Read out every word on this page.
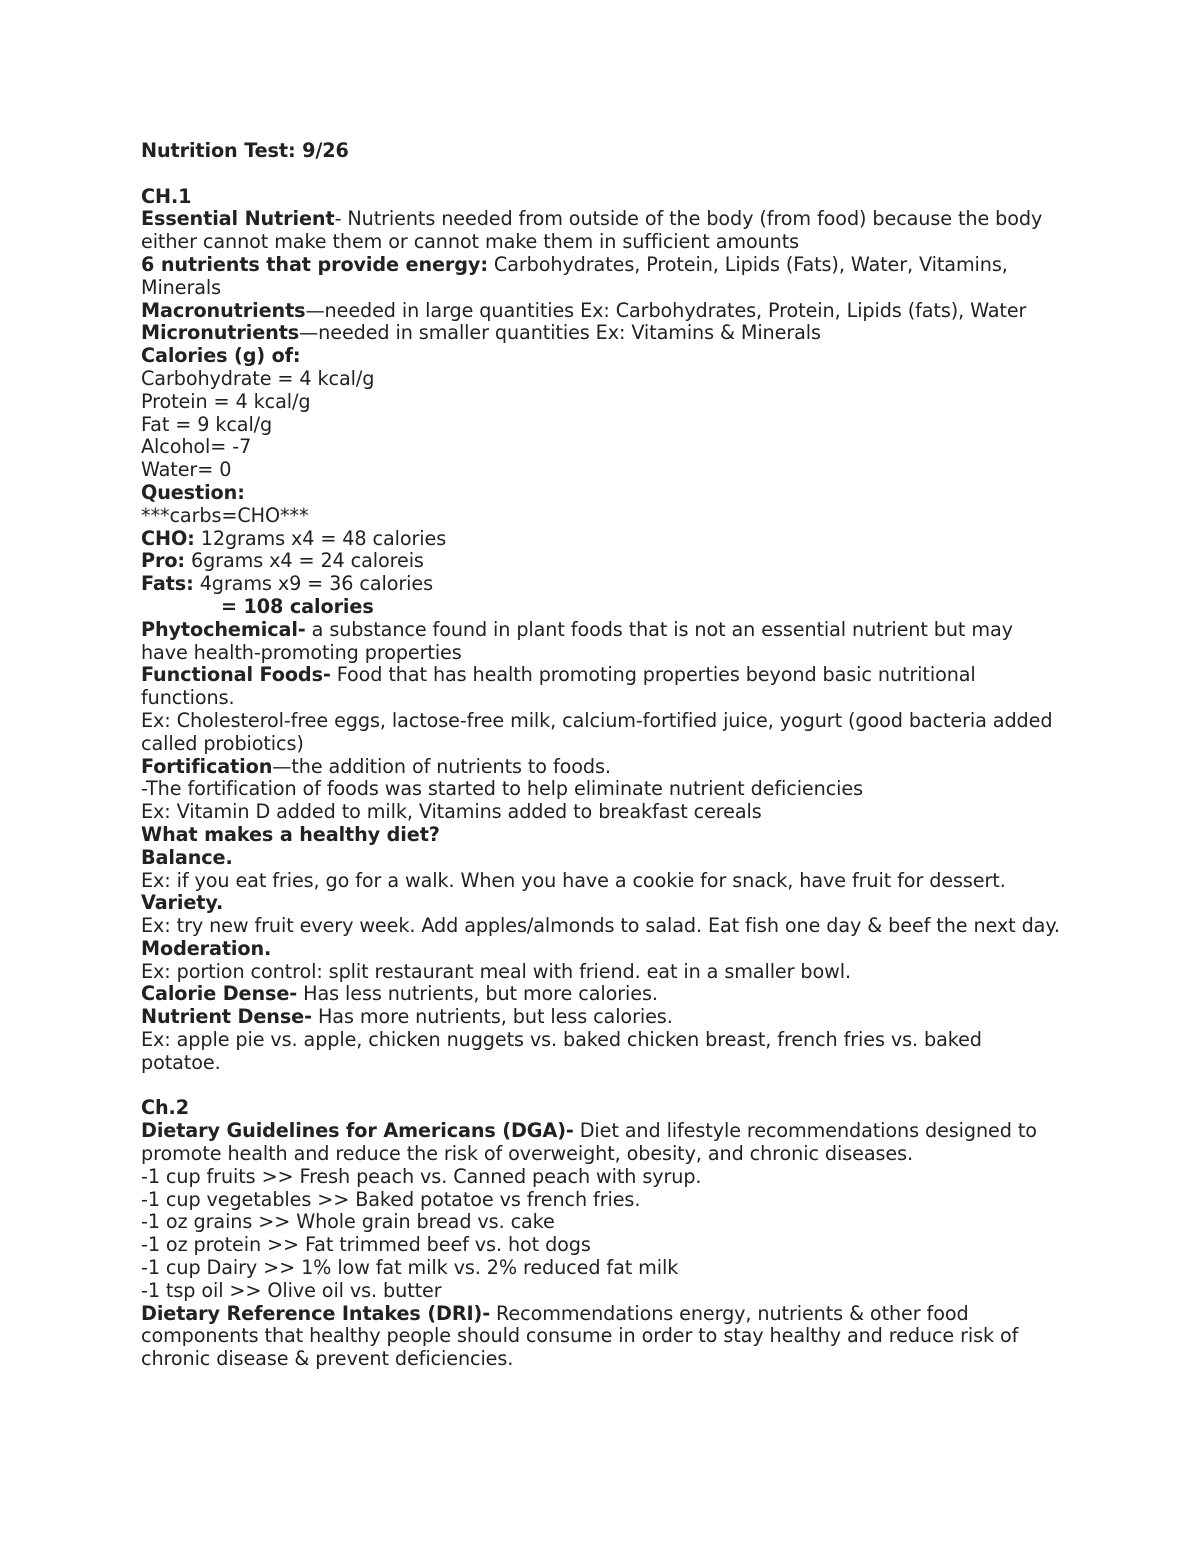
Nutrition Test: 9/26
CH.1
Essential Nutrient- Nutrients needed from outside of the body (from food) because the body either cannot make them or cannot make them in sufficient amounts
6 nutrients that provide energy: Carbohydrates, Protein, Lipids (Fats), Water, Vitamins, Minerals
Macronutrients—needed in large quantities Ex: Carbohydrates, Protein, Lipids (fats), Water
Micronutrients—needed in smaller quantities Ex: Vitamins & Minerals
Calories (g) of:
Carbohydrate = 4 kcal/g
Protein = 4 kcal/g
Fat = 9 kcal/g
Alcohol= -7
Water= 0
Question:
***carbs=CHO***
CHO: 12grams x4 = 48 calories
Pro: 6grams x4 = 24 caloreis
Fats: 4grams x9 = 36 calories
= 108 calories
Phytochemical- a substance found in plant foods that is not an essential nutrient but may have health-promoting properties
Functional Foods- Food that has health promoting properties beyond basic nutritional functions.
Ex: Cholesterol-free eggs, lactose-free milk, calcium-fortified juice, yogurt (good bacteria added called probiotics)
Fortification—the addition of nutrients to foods.
-The fortification of foods was started to help eliminate nutrient deficiencies
Ex: Vitamin D added to milk, Vitamins added to breakfast cereals
What makes a healthy diet?
Balance.
Ex: if you eat fries, go for a walk. When you have a cookie for snack, have fruit for dessert.
Variety.
Ex: try new fruit every week. Add apples/almonds to salad. Eat fish one day & beef the next day.
Moderation.
Ex: portion control: split restaurant meal with friend. eat in a smaller bowl.
Calorie Dense- Has less nutrients, but more calories.
Nutrient Dense- Has more nutrients, but less calories.
Ex: apple pie vs. apple, chicken nuggets vs. baked chicken breast, french fries vs. baked potatoe.
Ch.2
Dietary Guidelines for Americans (DGA)- Diet and lifestyle recommendations designed to promote health and reduce the risk of overweight, obesity, and chronic diseases.
-1 cup fruits >> Fresh peach vs. Canned peach with syrup.
-1 cup vegetables >> Baked potatoe vs french fries.
-1 oz grains >> Whole grain bread vs. cake
-1 oz protein >> Fat trimmed beef vs. hot dogs
-1 cup Dairy >> 1% low fat milk vs. 2% reduced fat milk
-1 tsp oil >> Olive oil vs. butter
Dietary Reference Intakes (DRI)- Recommendations energy, nutrients & other food components that healthy people should consume in order to stay healthy and reduce risk of chronic disease & prevent deficiencies.
